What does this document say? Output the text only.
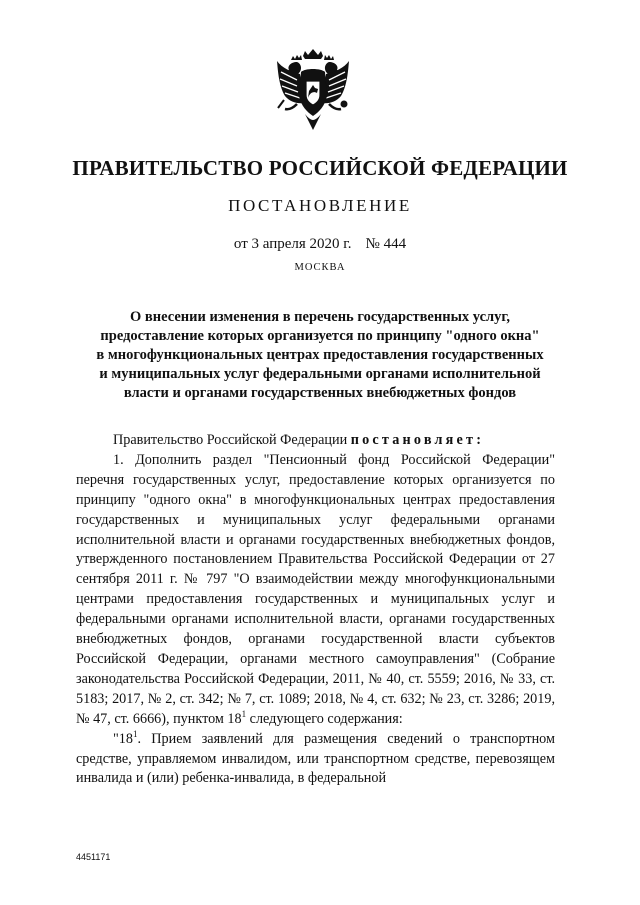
ПРАВИТЕЛЬСТВО РОССИЙСКОЙ ФЕДЕРАЦИИ
ПОСТАНОВЛЕНИЕ
от 3 апреля 2020 г. № 444
МОСКВА
О внесении изменения в перечень государственных услуг,
предоставление которых организуется по принципу "одного окна"
в многофункциональных центрах предоставления государственных
и муниципальных услуг федеральными органами исполнительной
власти и органами государственных внебюджетных фондов

Правительство Российской Федерации постановляет:

1. Дополнить раздел "Пенсионный фонд Российской Федерации" перечня государственных услуг, предоставление которых организуется по принципу "одного окна" в многофункциональных центрах предоставления государственных и муниципальных услуг федеральными органами исполнительной власти и органами государственных внебюджетных фондов, утвержденного постановлением Правительства Российской Федерации от 27 сентября 2011 г. № 797 "О взаимодействии между многофункциональными центрами предоставления государственных и муниципальных услуг и федеральными органами исполнительной власти, органами государственных внебюджетных фондов, органами государственной власти субъектов Российской Федерации, органами местного самоуправления" (Собрание законодательства Российской Федерации, 2011, № 40, ст. 5559; 2016, № 33, ст. 5183; 2017, № 2, ст. 342; № 7, ст. 1089; 2018, № 4, ст. 632; № 23, ст. 3286; 2019, № 47, ст. 6666), пунктом $18^1$ следующего содержания:

"$18^1$. Прием заявлений для размещения сведений о транспортном средстве, управляемом инвалидом, или транспортном средстве, перевозящем инвалида и (или) ребенка-инвалида, в федеральной

4451171
